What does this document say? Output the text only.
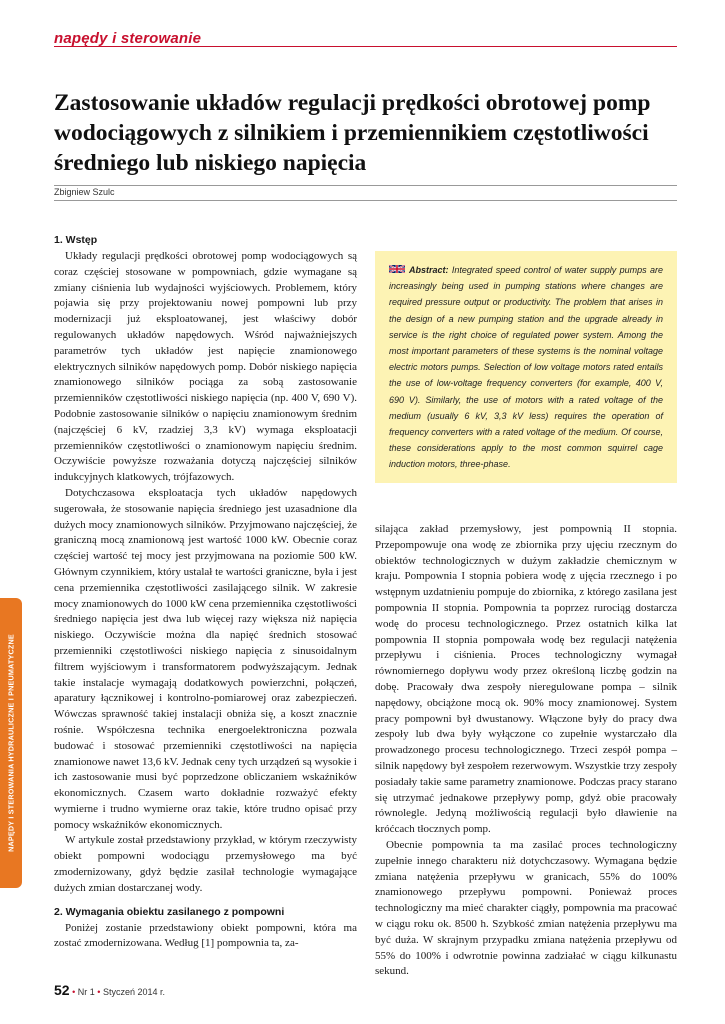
napędy i sterowanie
Zastosowanie układów regulacji prędkości obrotowej pomp wodociągowych z silnikiem i przemiennikiem częstotliwości średniego lub niskiego napięcia
Zbigniew Szulc
1. Wstęp

Układy regulacji prędkości obrotowej pomp wodociągowych są coraz częściej stosowane w pompowniach, gdzie wymagane są zmiany ciśnienia lub wydajności wyjściowych. Problemem, który pojawia się przy projektowaniu nowej pompowni lub przy modernizacji już eksploatowanej, jest właściwy dobór regulowanych układów napędowych. Wśród najważniejszych parametrów tych układów jest napięcie znamionowego elektrycznych silników napędowych pomp. Dobór niskiego napięcia znamionowego silników pociąga za sobą zastosowanie przemienników częstotliwości niskiego napięcia (np. 400 V, 690 V). Podobnie zastosowanie silników o napięciu znamionowym średnim (najczęściej 6 kV, rzadziej 3,3 kV) wymaga eksploatacji przemienników częstotliwości o znamionowym napięciu średnim. Oczywiście powyższe rozważania dotyczą najczęściej silników indukcyjnych klatkowych, trójfazowych.

Dotychczasowa eksploatacja tych układów napędowych sugerowała, że stosowanie napięcia średniego jest uzasadnione dla dużych mocy znamionowych silników. Przyjmowano najczęściej, że graniczną mocą znamionową jest wartość 1000 kW. Obecnie coraz częściej wartość tej mocy jest przyjmowana na poziomie 500 kW. Głównym czynnikiem, który ustalał te wartości graniczne, była i jest cena przemiennika częstotliwości zasilającego silnik. W zakresie mocy znamionowych do 1000 kW cena przemiennika częstotliwości średniego napięcia jest dwa lub więcej razy większa niż napięcia niskiego. Oczywiście można dla napięć średnich stosować przemienniki częstotliwości niskiego napięcia z sinusoidalnym filtrem wyjściowym i transformatorem podwyższającym. Jednak takie instalacje wymagają dodatkowych powierzchni, połączeń, aparatury łącznikowej i kontrolno-pomiarowej oraz zabezpieczeń. Wówczas sprawność takiej instalacji obniża się, a koszt znacznie rośnie. Współczesna technika energoelektroniczna pozwala budować i stosować przemienniki częstotliwości na napięcia znamionowe nawet 13,6 kV. Jednak ceny tych urządzeń są wysokie i ich zastosowanie musi być poprzedzone obliczaniem wskaźników ekonomicznych. Czasem warto dokładnie rozważyć efekty wymierne i trudno wymierne oraz takie, które trudno opisać przy pomocy wskaźników ekonomicznych.

W artykule został przedstawiony przykład, w którym rzeczywisty obiekt pompowni wodociągu przemysłowego ma być zmodernizowany, gdyż będzie zasilał technologie wymagające dużych zmian dostarczanej wody.

2. Wymagania obiektu zasilanego z pompowni

Poniżej zostanie przedstawiony obiekt pompowni, która ma zostać zmodernizowana. Według [1] pompownia ta, za-

Abstract: Integrated speed control of water supply pumps are increasingly being used in pumping stations where changes are required pressure output or productivity. The problem that arises in the design of a new pumping station and the upgrade already in service is the right choice of regulated power system. Among the most important parameters of these systems is the nominal voltage electric motors pumps. Selection of low voltage motors rated entails the use of low-voltage frequency converters (for example, 400 V, 690 V). Similarly, the use of motors with a rated voltage of the medium (usually 6 kV, 3,3 kV less) requires the operation of frequency converters with a rated voltage of the medium. Of course, these considerations apply to the most common squirrel cage induction motors, three-phase.

silająca zakład przemysłowy, jest pompownią II stopnia. Przepompowuje ona wodę ze zbiornika przy ujęciu rzecznym do obiektów technologicznych w dużym zakładzie chemicznym w kraju. Pompownia I stopnia pobiera wodę z ujęcia rzecznego i po wstępnym uzdatnieniu pompuje do zbiornika, z którego zasilana jest pompownia II stopnia. Pompownia ta poprzez rurociąg dostarcza wodę do procesu technologicznego. Przez ostatnich kilka lat pompownia II stopnia pompowała wodę bez regulacji natężenia przepływu i ciśnienia. Proces technologiczny wymagał równomiernego dopływu wody przez określoną liczbę godzin na dobę. Pracowały dwa zespoły nieregulowane pompa – silnik napędowy, obciążone mocą ok. 90% mocy znamionowej. System pracy pompowni był dwustanowy. Włączone były do pracy dwa zespoły lub dwa były wyłączone co zupełnie wystarczało dla prowadzonego procesu technologicznego. Trzeci zespół pompa – silnik napędowy był zespołem rezerwowym. Wszystkie trzy zespoły posiadały takie same parametry znamionowe. Podczas pracy starano się utrzymać jednakowe przepływy pomp, gdyż obie pracowały równolegle. Jedyną możliwością regulacji było dławienie na króćcach tłocznych pomp.

Obecnie pompownia ta ma zasilać proces technologiczny zupełnie innego charakteru niż dotychczasowy. Wymagana będzie zmiana natężenia przepływu w granicach, 55% do 100% znamionowego przepływu pompowni. Ponieważ proces technologiczny ma mieć charakter ciągły, pompownia ma pracować w ciągu roku ok. 8500 h. Szybkość zmian natężenia przepływu ma być duża. W skrajnym przypadku zmiana natężenia przepływu od 55% do 100% i odwrotnie powinna zadziałać w ciągu kilkunastu sekund.

NAPĘDY I STEROWANIA HYDRAULICZNE I PNEUMATYCZNE
52 • Nr 1 • Styczeń 2014 r.
